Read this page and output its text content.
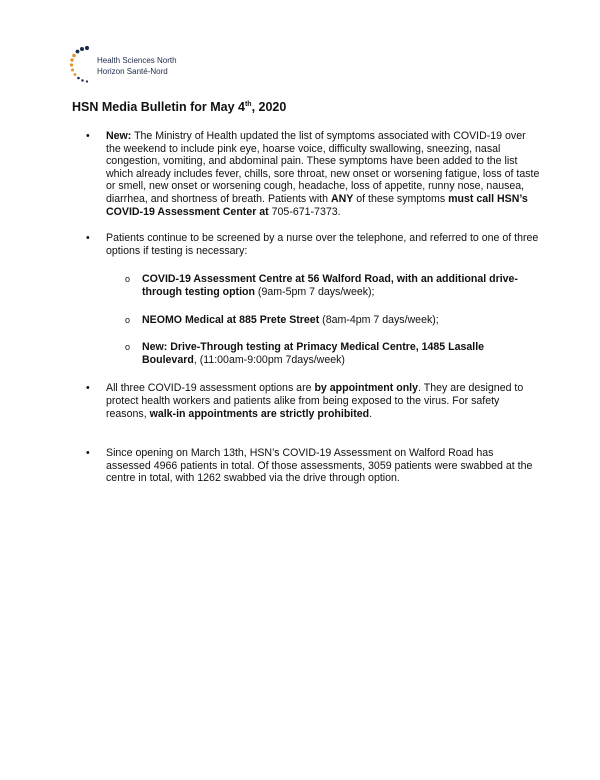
Health Sciences North
Horizon Santé-Nord
HSN Media Bulletin for May 4th, 2020
• New: The Ministry of Health updated the list of symptoms associated with COVID-19 over the weekend to include pink eye, hoarse voice, difficulty swallowing, sneezing, nasal congestion, vomiting, and abdominal pain. These symptoms have been added to the list which already includes fever, chills, sore throat, new onset or worsening fatigue, loss of taste or smell, new onset or worsening cough, headache, loss of appetite, runny nose, nausea, diarrhea, and shortness of breath. Patients with ANY of these symptoms must call HSN’s COVID-19 Assessment Center at 705-671-7373.

• Patients continue to be screened by a nurse over the telephone, and referred to one of three options if testing is necessary:

o COVID-19 Assessment Centre at 56 Walford Road, with an additional drive-through testing option (9am-5pm 7 days/week);

o NEOMO Medical at 885 Prete Street (8am-4pm 7 days/week);

o New: Drive-Through testing at Primacy Medical Centre, 1485 Lasalle Boulevard, (11:00am-9:00pm 7days/week)

• All three COVID-19 assessment options are by appointment only. They are designed to protect health workers and patients alike from being exposed to the virus. For safety reasons, walk-in appointments are strictly prohibited.

• Since opening on March 13th, HSN’s COVID-19 Assessment on Walford Road has assessed 4966 patients in total. Of those assessments, 3059 patients were swabbed at the centre in total, with 1262 swabbed via the drive through option.
